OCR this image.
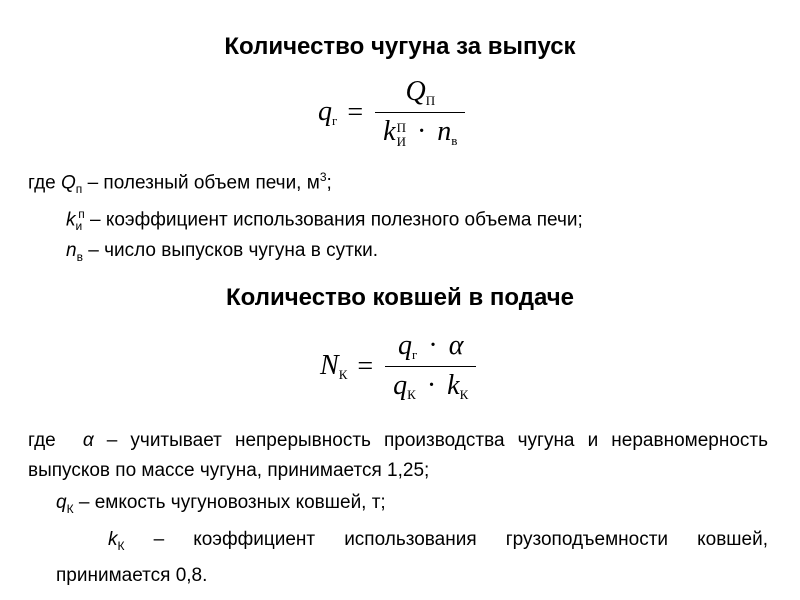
Количество чугуна за выпуск
$q_г = Q_П$
k П
$И \cdot n_в$
где $Q_п$ – полезный объем печи, $м^3$;
$k_и^п$ – коэффициент использования полезного объема печи;
$n_в$ – число выпусков чугуна в сутки.
Количество ковшей в подаче
$N_К = \frac{q_г \cdot \alpha}{q_К \cdot k_К}$
где α – учитывает непрерывность производства чугуна и неравномерность выпусков по массе чугуна, принимается 1,25;
$q_К$ – емкость чугуновозных ковшей, т;
$k_К$ – коэффициент использования грузоподъемности ковшей, принимается 0,8.
